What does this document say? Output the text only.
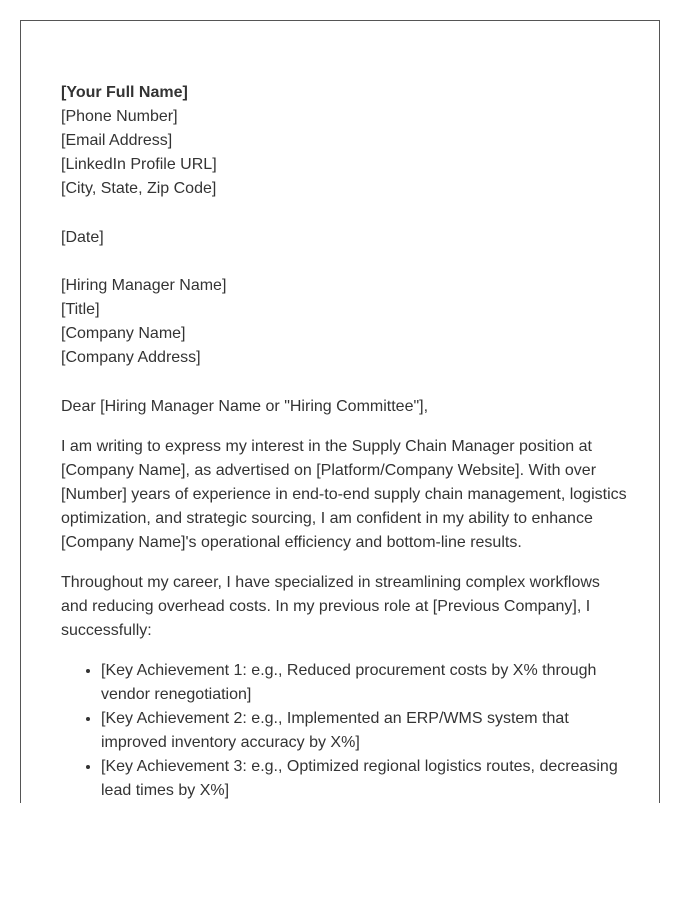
[Your Full Name]
[Phone Number]
[Email Address]
[LinkedIn Profile URL]
[City, State, Zip Code]
[Date]
[Hiring Manager Name]
[Title]
[Company Name]
[Company Address]
Dear [Hiring Manager Name or "Hiring Committee"],

I am writing to express my interest in the Supply Chain Manager position at [Company Name], as advertised on [Platform/Company Website]. With over [Number] years of experience in end-to-end supply chain management, logistics optimization, and strategic sourcing, I am confident in my ability to enhance [Company Name]'s operational efficiency and bottom-line results.

Throughout my career, I have specialized in streamlining complex workflows and reducing overhead costs. In my previous role at [Previous Company], I successfully:

• [Key Achievement 1: e.g., Reduced procurement costs by X% through vendor renegotiation]
• [Key Achievement 2: e.g., Implemented an ERP/WMS system that improved inventory accuracy by X%]
• [Key Achievement 3: e.g., Optimized regional logistics routes, decreasing lead times by X%]
